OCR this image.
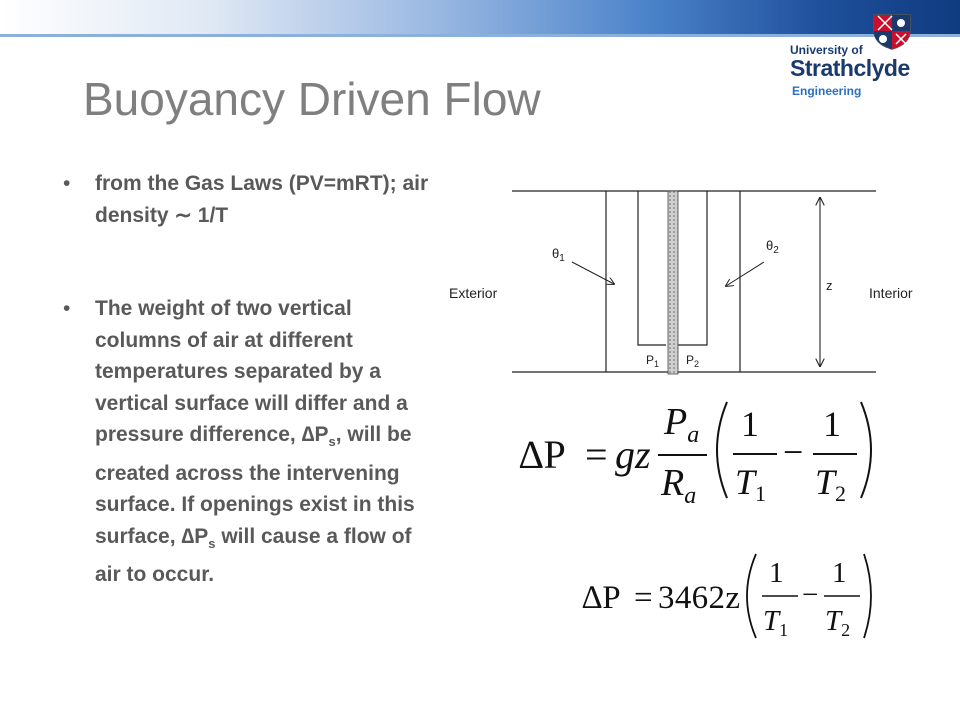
University of
Strathclyde
Engineering
Buoyancy Driven Flow
• from the Gas Laws (PV=mRT); air density ∼ 1/T
• The weight of two vertical columns of air at different temperatures separated by a vertical surface will differ and a pressure difference, $\Delta P_s$, will be created across the intervening surface. If openings exist in this surface, $\Delta P_s$ will cause a flow of air to occur.
Exterior	Interior
z
$\theta_1$
$\theta_2$
$P_1$ $P_2$
∆P = gz
$P_a$
$R_a$
1
T1
−
1
T2
∆P = 3462z
1
$T_1$
−
1
$T_2$
